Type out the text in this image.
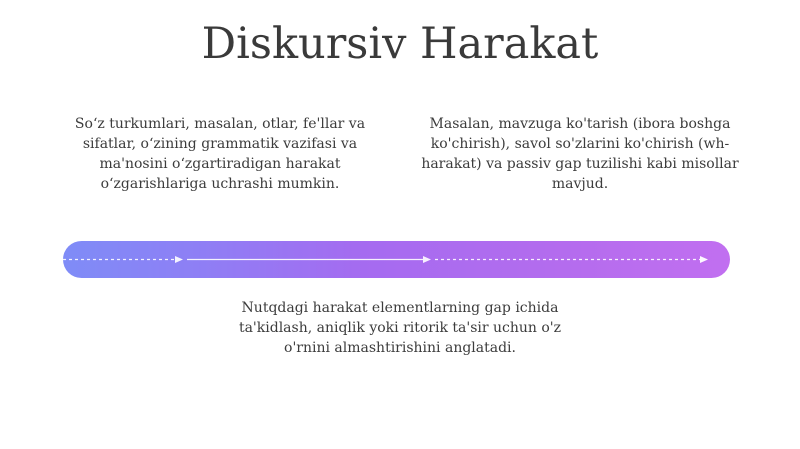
Diskursiv Harakat
So‘z turkumlari, masalan, otlar, fe'llar va sifatlar, o‘zining grammatik vazifasi va ma'nosini o‘zgartiradigan harakat o‘zgarishlariga uchrashi mumkin.
Masalan, mavzuga ko'tarish (ibora boshga ko'chirish), savol so'zlarini ko'chirish (wh-harakat) va passiv gap tuzilishi kabi misollar mavjud.
Nutqdagi harakat elementlarning gap ichida ta'kidlash, aniqlik yoki ritorik ta'sir uchun o'z o'rnini almashtirishini anglatadi.
